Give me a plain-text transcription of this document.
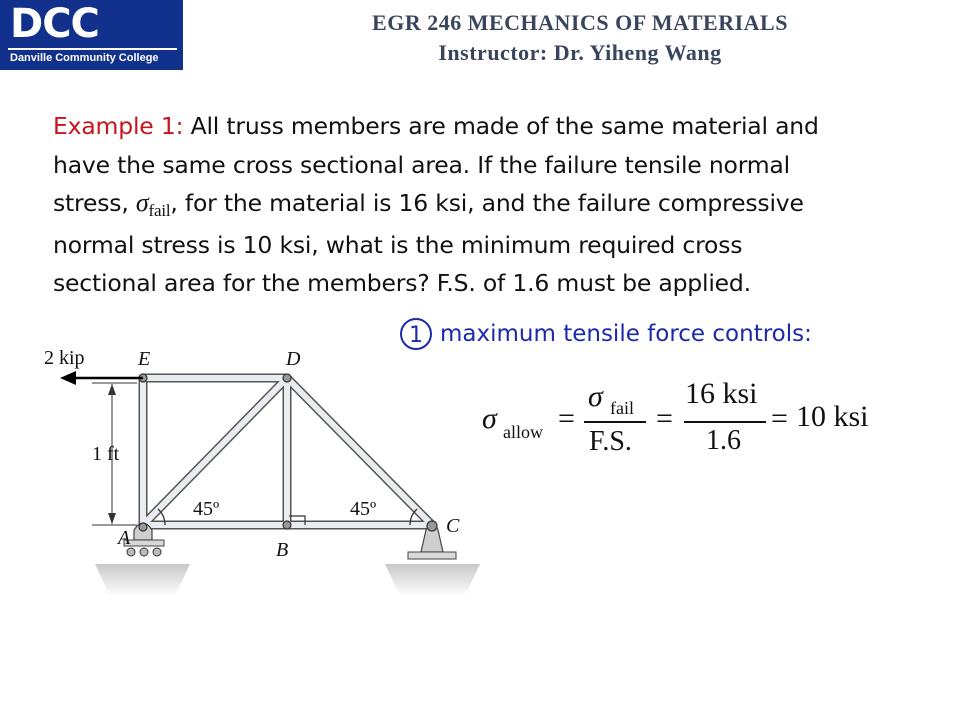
DCC
Danville Community College
EGR 246 MECHANICS OF MATERIALS
Instructor: Dr. Yiheng Wang

Example 1: All truss members are made of the same material and

have the same cross sectional area. If the failure tensile normal

stress, $\sigma_{fail}$, for the material is 16 ksi, and the failure compressive

normal stress is 10 ksi, what is the minimum required cross

sectional area for the members? F.S. of 1.6 must be applied.

1 maximum tensile force controls:
σ allow =
σ fail
F.S.
=
16 ksi
1.6
= 10 ksi
2 kip
1 ft
45º	45º
E	D
A
B
C
